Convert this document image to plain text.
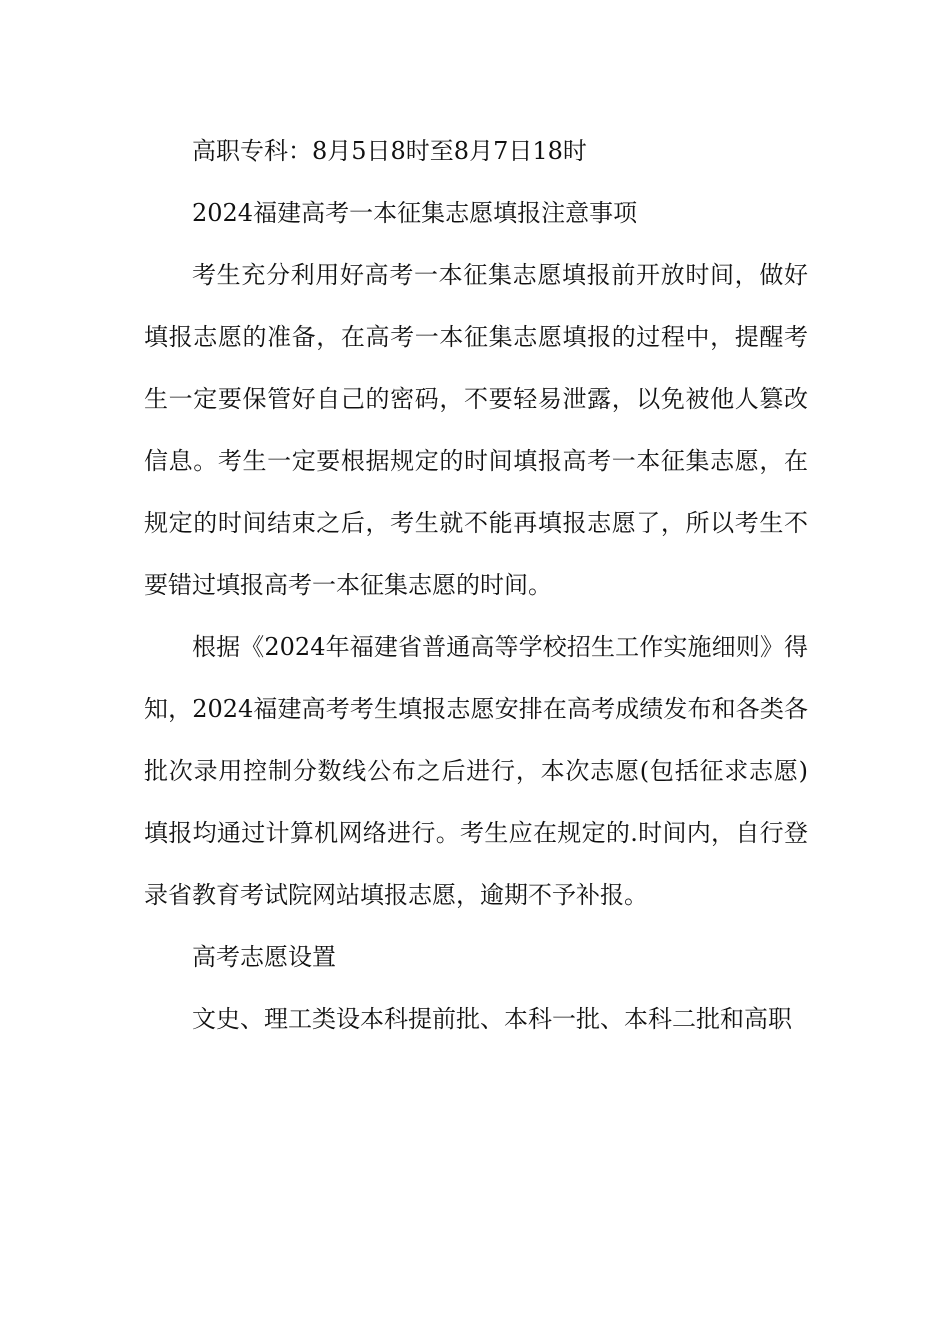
高职专科：8月5日8时至8月7日18时

2024福建高考一本征集志愿填报注意事项

考生充分利用好高考一本征集志愿填报前开放时间，做好填报志愿的准备，在高考一本征集志愿填报的过程中，提醒考生一定要保管好自己的密码，不要轻易泄露，以免被他人篡改信息。考生一定要根据规定的时间填报高考一本征集志愿，在规定的时间结束之后，考生就不能再填报志愿了，所以考生不要错过填报高考一本征集志愿的时间。

根据《2024年福建省普通高等学校招生工作实施细则》得知，2024福建高考考生填报志愿安排在高考成绩发布和各类各批次录用控制分数线公布之后进行，本次志愿(包括征求志愿)填报均通过计算机网络进行。考生应在规定的.时间内，自行登录省教育考试院网站填报志愿，逾期不予补报。

高考志愿设置

文史、理工类设本科提前批、本科一批、本科二批和高职
